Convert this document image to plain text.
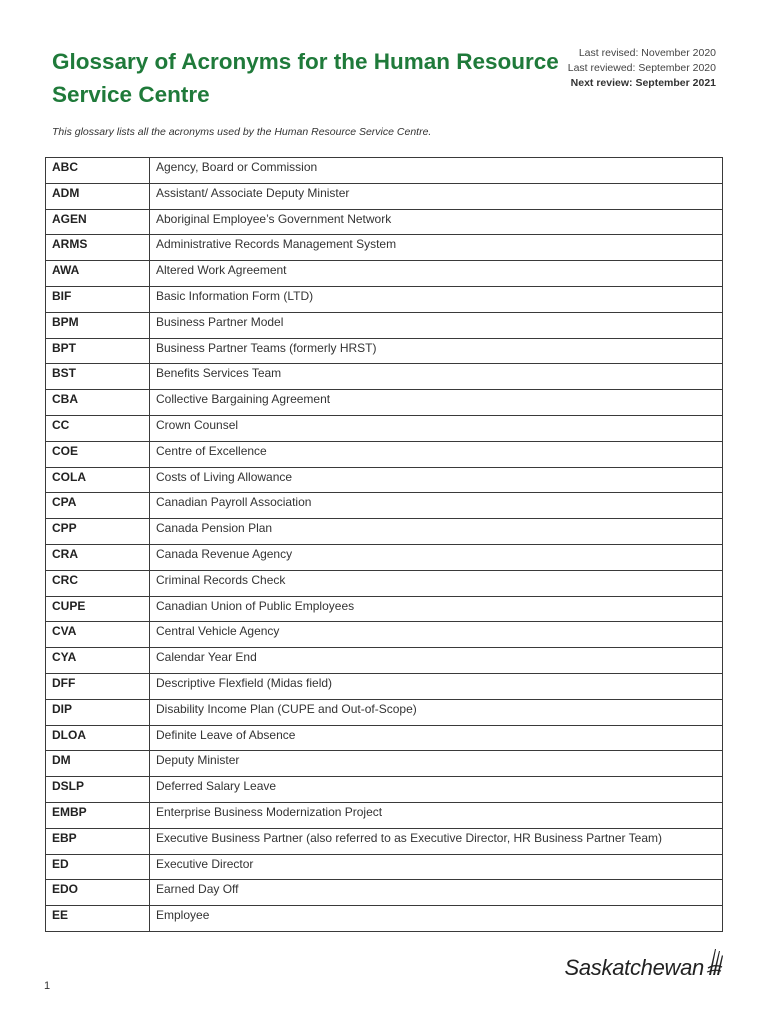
Glossary of Acronyms for the Human Resource Service Centre
Last revised: November 2020
Last reviewed: September 2020
Next review: September 2021
This glossary lists all the acronyms used by the Human Resource Service Centre.
ABC	Agency, Board or Commission
ADM	Assistant/ Associate Deputy Minister
AGEN	Aboriginal Employee’s Government Network
ARMS	Administrative Records Management System
AWA	Altered Work Agreement
BIF	Basic Information Form (LTD)
BPM	Business Partner Model
BPT	Business Partner Teams (formerly HRST)
BST	Benefits Services Team
CBA	Collective Bargaining Agreement
CC	Crown Counsel
COE	Centre of Excellence
COLA	Costs of Living Allowance
CPA	Canadian Payroll Association
CPP	Canada Pension Plan
CRA	Canada Revenue Agency
CRC	Criminal Records Check
CUPE	Canadian Union of Public Employees
CVA	Central Vehicle Agency
CYA	Calendar Year End
DFF	Descriptive Flexfield (Midas field)
DIP	Disability Income Plan (CUPE and Out-of-Scope)
DLOA	Definite Leave of Absence
DM	Deputy Minister
DSLP	Deferred Salary Leave
EMBP	Enterprise Business Modernization Project
EBP	Executive Business Partner (also referred to as Executive Director, HR Business Partner Team)
ED	Executive Director
EDO	Earned Day Off
EE	Employee
Saskatchewan
1
